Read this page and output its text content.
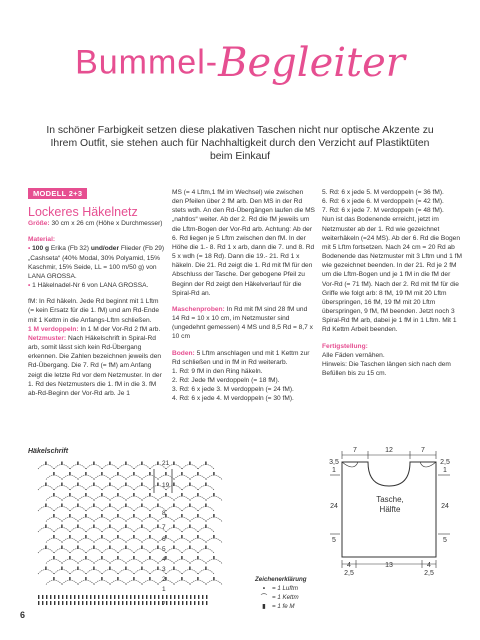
Bummel-Begleiter
In schöner Farbigkeit setzen diese plakativen Taschen nicht nur optische Akzente zu Ihrem Outfit, sie stehen auch für Nachhaltigkeit durch den Verzicht auf Plastiktüten beim Einkauf
MODELL 2+3
Lockeres Häkelnetz

Größe: 30 cm x 26 cm (Höhe x Durchmesser)

Material:

• 100 g Erika (Fb 32) und/oder Flieder (Fb 29) „Cashseta“ (40% Modal, 30% Polyamid, 15% Kaschmir, 15% Seide, LL = 100 m/50 g) von LANA GROSSA.

• 1 Häkelnadel-Nr 6 von LANA GROSSA.

fM: In Rd häkeln. Jede Rd beginnt mit 1 Lftm (= kein Ersatz für die 1. fM) und am Rd-Ende mit 1 Kettm in die Anfangs-Lftm schließen.

1 M verdoppeln: In 1 M der Vor-Rd 2 fM arb.

Netzmuster: Nach Häkelschrift in Spiral-Rd arb, somit lässt sich kein Rd-Übergang erkennen. Die Zahlen bezeichnen jeweils den Rd-Übergang. Die 7. Rd (= fM) am Anfang zeigt die letzte Rd vor dem Netzmuster. In der 1. Rd des Netzmusters die 1. fM in die 3. fM ab-Rd-Beginn der Vor-Rd arb. Je 1

MS (= 4 Lftm,1 fM im Wechsel) wie zwischen den Pfeilen über 2 fM arb. Den MS in der Rd stets wdh. An den Rd-Übergängen laufen die MS „nahtlos“ weiter. Ab der 2. Rd die fM jeweils um die Lftm-Bogen der Vor-Rd arb. Achtung: Ab der 6. Rd liegen je 5 Lftm zwischen den fM. In der Höhe die 1.- 8. Rd 1 x arb, dann die 7. und 8. Rd 5 x wdh (= 18 Rd). Dann die 19.- 21. Rd 1 x häkeln. Die 21. Rd zeigt die 1. Rd mit fM für den Abschluss der Tasche. Der gebogene Pfeil zu Beginn der Rd zeigt den Häkelverlauf für die Spiral-Rd an.

Maschenproben: In Rd mit fM sind 28 fM und 14 Rd = 10 x 10 cm, im Netzmuster sind (ungedehnt gemessen) 4 MS und 8,5 Rd = 8,7 x 10 cm

Boden: 5 Lftm anschlagen und mit 1 Kettm zur Rd schließen und in fM in Rd weiterarb.

1. Rd: 9 fM in den Ring häkeln.

2. Rd: Jede fM verdoppeln (= 18 fM).

3. Rd: 6 x jede 3. M verdoppeln (= 24 fM).

4. Rd: 6 x jede 4. M verdoppeln (= 30 fM).

5. Rd: 6 x jede 5. M verdoppeln (= 36 fM).

6. Rd: 6 x jede 6. M verdoppeln (= 42 fM).

7. Rd: 6 x jede 7. M verdoppeln (= 48 fM).

Nun ist das Bodenende erreicht, jetzt im Netzmuster ab der 1. Rd wie gezeichnet weiterhäkeln (=24 MS). Ab der 6. Rd die Bogen mit 5 Lftm fortsetzen. Nach 24 cm = 20 Rd ab Bodenende das Netzmuster mit 3 Lftm und 1 fM wie gezeichnet beenden. In der 21. Rd je 2 fM um die Lftm-Bogen und je 1 fM in die fM der Vor-Rd (= 71 fM). Nach der 2. Rd mit fM für die Griffe wie folgt arb: 8 fM, 19 fM mit 20 Lftm überspringen, 16 fM, 19 fM mit 20 Lftm überspringen, 9 fM, fM beenden. Jetzt noch 3 Spiral-Rd fM arb, dabei je 1 fM in 1 Lftm. Mit 1 Rd Kettm Arbeit beenden.

Fertigstellung:

Alle Fäden vernähen.

Hinweis: Die Taschen längen sich nach dem Befüllen bis zu 15 cm.

Häkelschrift
21
19
8
7
6
5
4
3
2
1
7
Zeichenerklärung
•	= 1 Luftm
⌒ = 1 Kettm
▮	= 1 fe M
7	12	7
3,5
1
24
5
2,5
1
24
5
Tasche,
Hälfte
4	13	4
2,5	2,5
6
